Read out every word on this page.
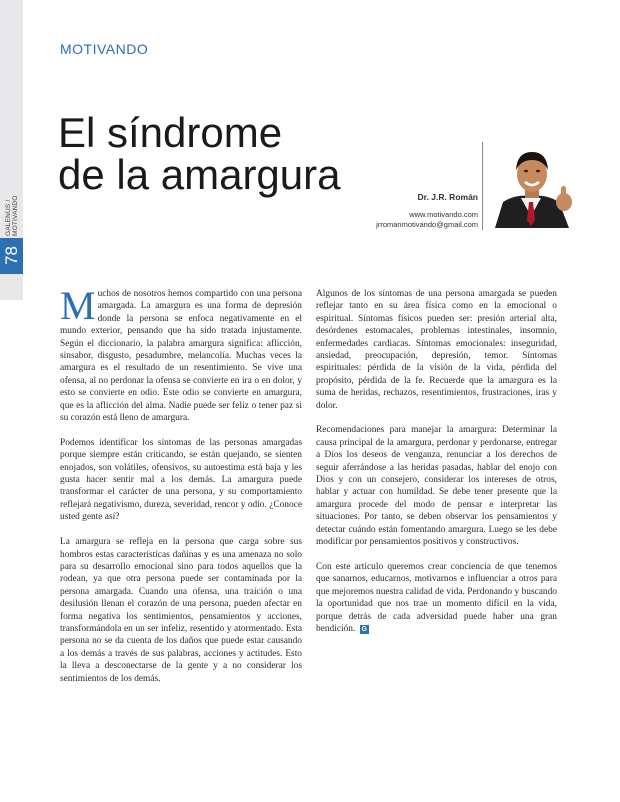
GALENUS / MOTIVANDO
78
MOTIVANDO
El síndrome
de la amargura	Dr. J.R. Román
www.motivando.com
jrromanmotivando@gmail.com

Muchos de nosotros hemos compartido con una persona amargada. La amargura es una forma de depresión donde la persona se enfoca negativamente en el mundo exterior, pensando que ha sido tratada injustamente. Según el diccionario, la palabra amargura significa: aflicción, sinsabor, disgusto, pesadumbre, melancolía. Muchas veces la amargura es el resultado de un resentimiento. Se vive una ofensa, al no perdonar la ofensa se convierte en ira o en dolor, y esto se convierte en odio. Este odio se convierte en amargura, que es la aflicción del alma. Nadie puede ser feliz o tener paz si su corazón está lleno de amargura.

Podemos identificar los síntomas de las personas amargadas porque siempre están criticando, se están quejando, se sienten enojados, son volátiles, ofensivos, su autoestima está baja y les gusta hacer sentir mal a los demás. La amargura puede transformar el carácter de una persona, y su comportamiento reflejará negativismo, dureza, severidad, rencor y odio. ¿Conoce usted gente así?

La amargura se refleja en la persona que carga sobre sus hombros estas características dañinas y es una amenaza no solo para su desarrollo emocional sino para todos aquellos que la rodean, ya que otra persona puede ser contaminada por la persona amargada. Cuando una ofensa, una traición o una desilusión llenan el corazón de una persona, pueden afectar en forma negativa los sentimientos, pensamientos y acciones, transformándola en un ser infeliz, resentido y atormentado. Esta persona no se da cuenta de los daños que puede estar causando a los demás a través de sus palabras, acciones y actitudes. Esto la lleva a desconectarse de la gente y a no considerar los sentimientos de los demás.

Algunos de los síntomas de una persona amargada se pueden reflejar tanto en su área física como en la emocional o espiritual. Síntomas físicos pueden ser: presión arterial alta, desórdenes estomacales, problemas intestinales, insomnio, enfermedades cardiacas. Síntomas emocionales: inseguridad, ansiedad, preocupación, depresión, temor. Síntomas espirituales: pérdida de la visión de la vida, pérdida del propósito, pérdida de la fe. Recuerde que la amargura es la suma de heridas, rechazos, resentimientos, frustraciones, iras y dolor.

Recomendaciones para manejar la amargura: Determinar la causa principal de la amargura, perdonar y perdonarse, entregar a Dios los deseos de venganza, renunciar a los derechos de seguir aferrándose a las heridas pasadas, hablar del enojo con Dios y con un consejero, considerar los intereses de otros, hablar y actuar con humildad. Se debe tener presente que la amargura procede del modo de pensar e interpretar las situaciones. Por tanto, se deben observar los pensamientos y detectar cuándo están fomentando amargura. Luego se les debe modificar por pensamientos positivos y constructivos.

Con este artículo queremos crear conciencia de que tenemos que sanarnos, educarnos, motivarnos e influenciar a otros para que mejoremos nuestra calidad de vida. Perdonando y buscando la oportunidad que nos trae un momento difícil en la vida, porque detrás de cada adversidad puede haber una gran bendición. G
